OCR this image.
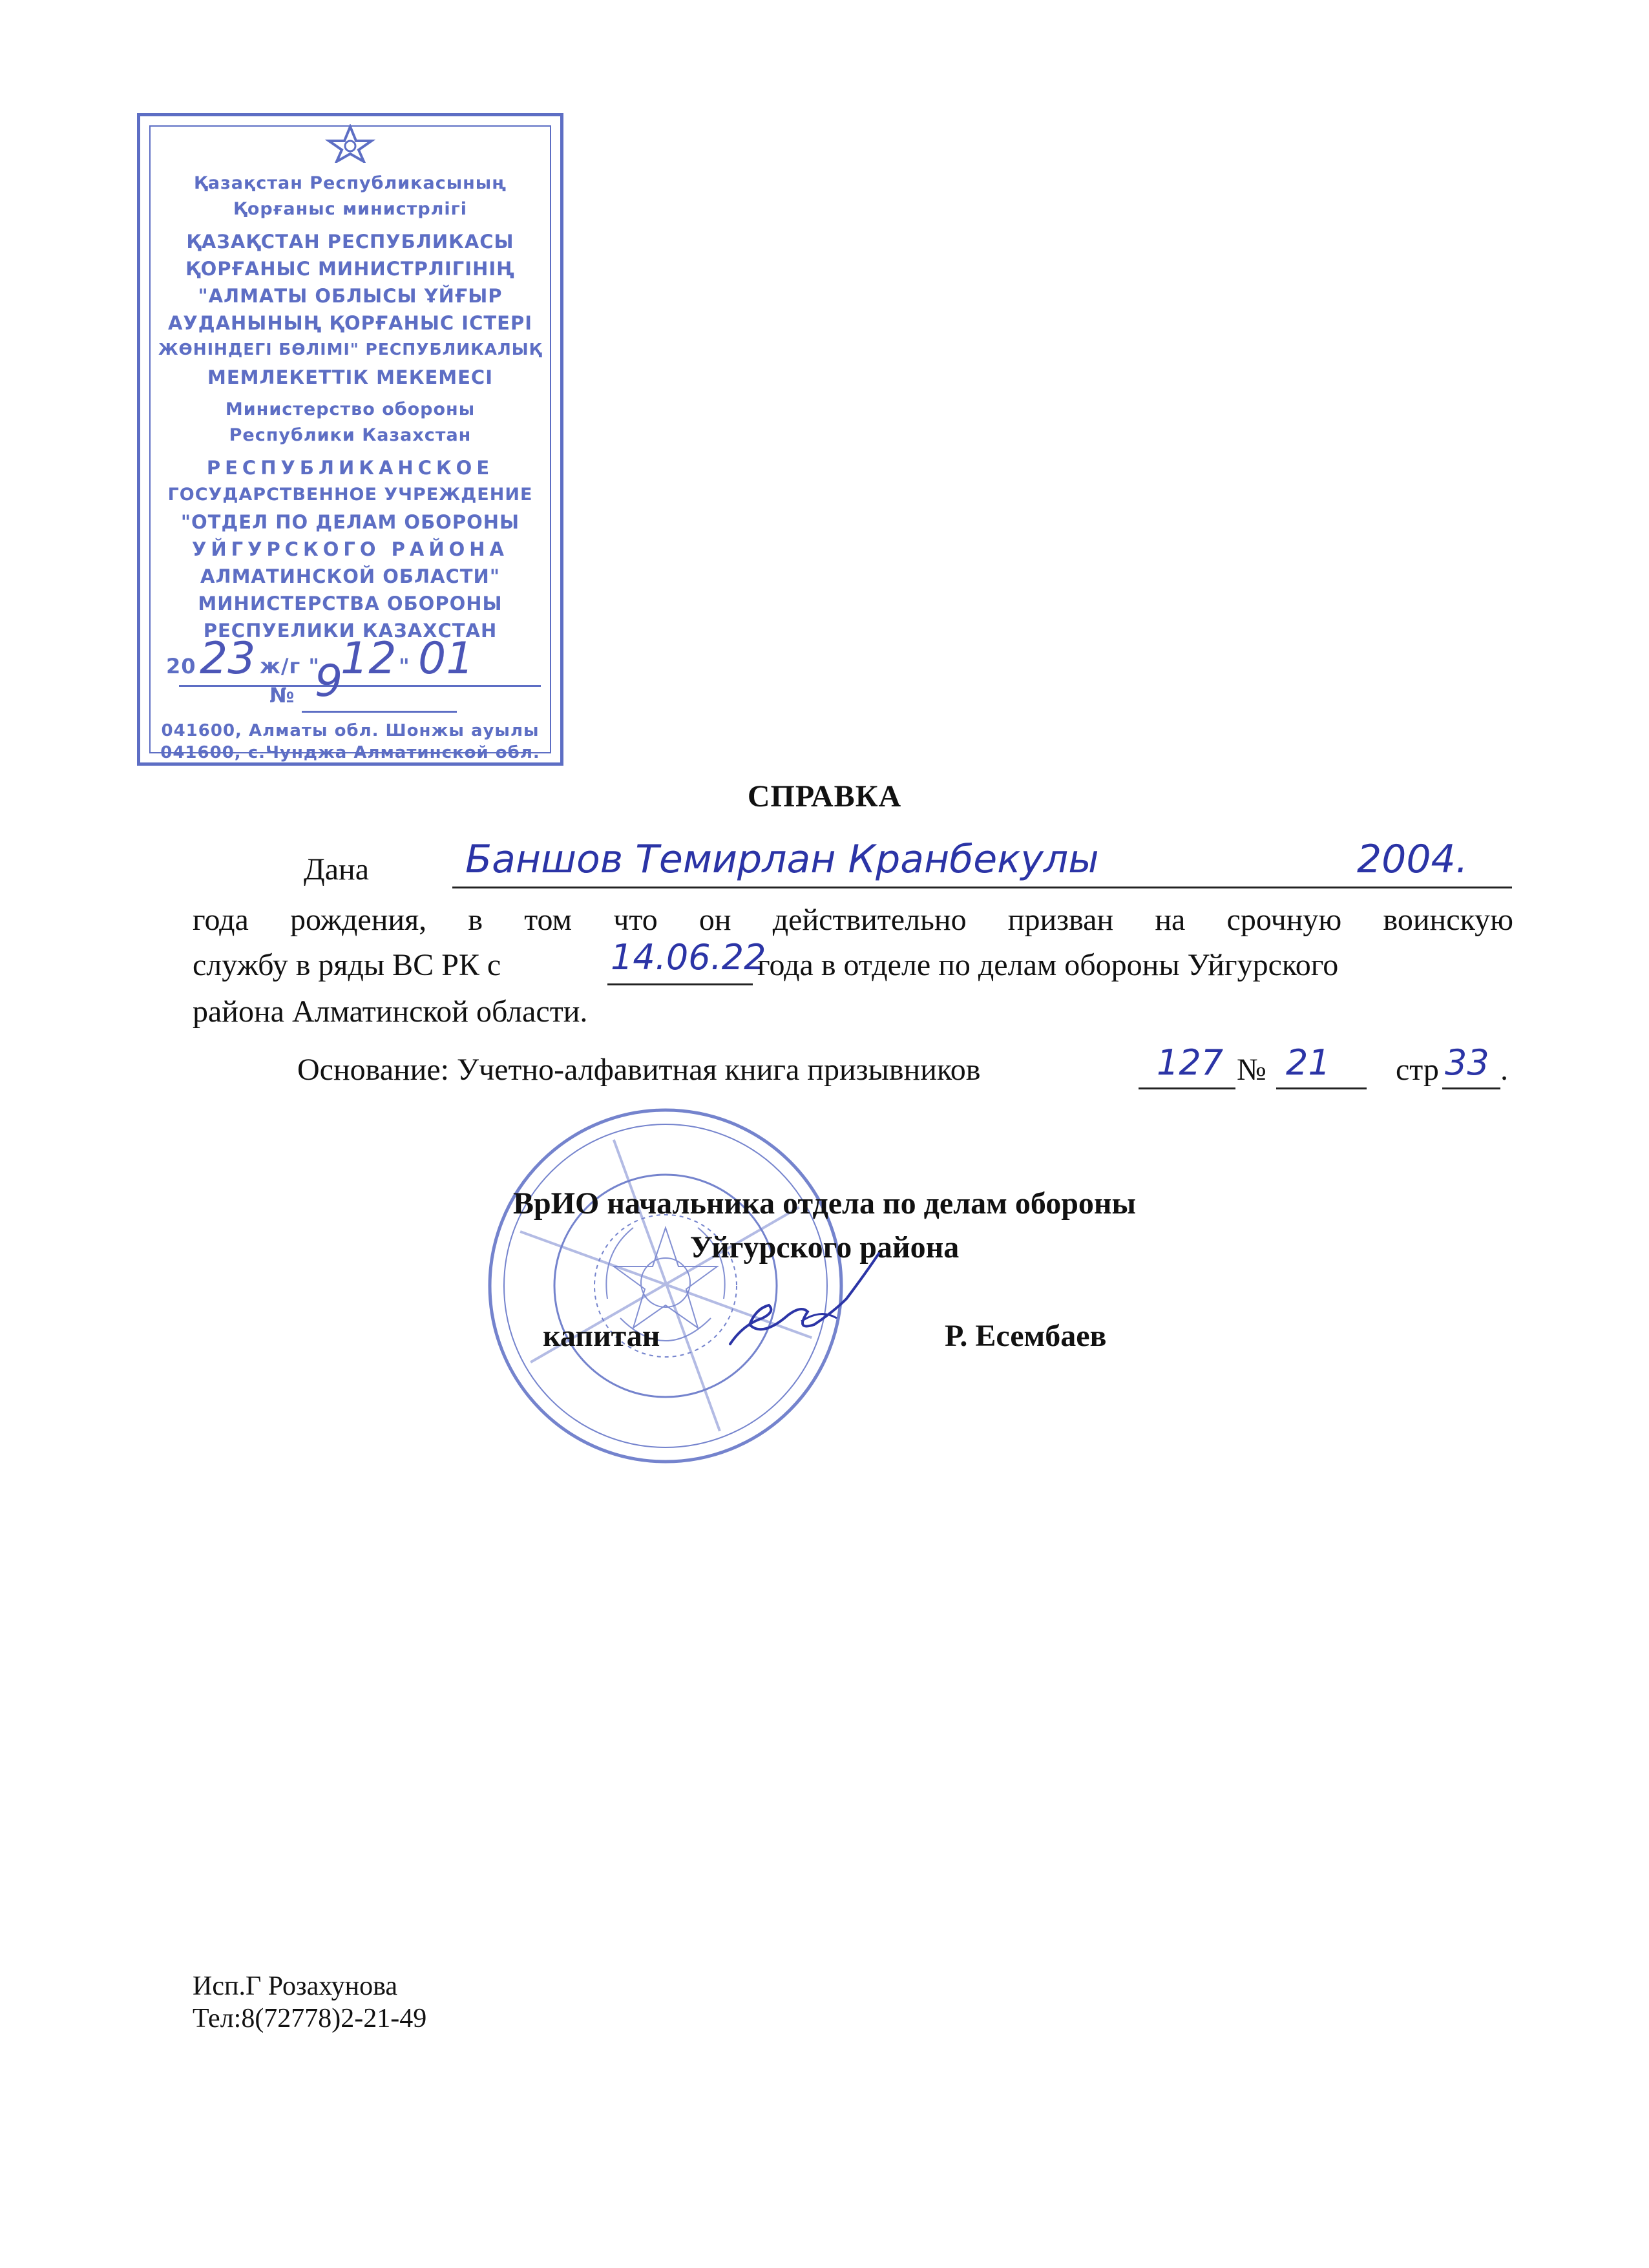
Қазақстан Республикасының
Қорғаныс министрлігі
ҚАЗАҚСТАН РЕСПУБЛИКАСЫ
ҚОРҒАНЫС МИНИСТРЛІГІНІҢ
"АЛМАТЫ ОБЛЫСЫ ҰЙҒЫР
АУДАНЫНЫҢ ҚОРҒАНЫС ІСТЕРІ
ЖӨНІНДЕГІ БӨЛІМІ" РЕСПУБЛИКАЛЫҚ
МЕМЛЕКЕТТІК МЕКЕМЕСІ
Министерство обороны
Республики Казахстан
РЕСПУБЛИКАНСКОЕ
ГОСУДАРСТВЕННОЕ УЧРЕЖДЕНИЕ
"ОТДЕЛ ПО ДЕЛАМ ОБОРОНЫ
УЙГУРСКОГО РАЙОНА
АЛМАТИНСКОЙ ОБЛАСТИ"
МИНИСТЕРСТВА ОБОРОНЫ
РЕСПУЕЛИКИ КАЗАХСТАН
20 23 ж/г " 12 " 01
№ 9
041600, Алматы обл. Шонжы ауылы
041600, с.Чунджа Алматинской обл.
СПРАВКА
Дана Баншов Темирлан Кранбекулы	2004.
года рождения, в том что он действительно призван на срочную воинскую
службу в ряды ВС РК с	14.06.22
года в отделе по делам обороны Уйгурского
района Алматинской области.
Основание: Учетно-алфавитная книга призывников	127 № 21 стр 33 .
ВрИО начальника отдела по делам обороны
Уйгурского района
капитан	Р. Есембаев
Исп.Г Розахунова
Тел:8(72778)2-21-49
